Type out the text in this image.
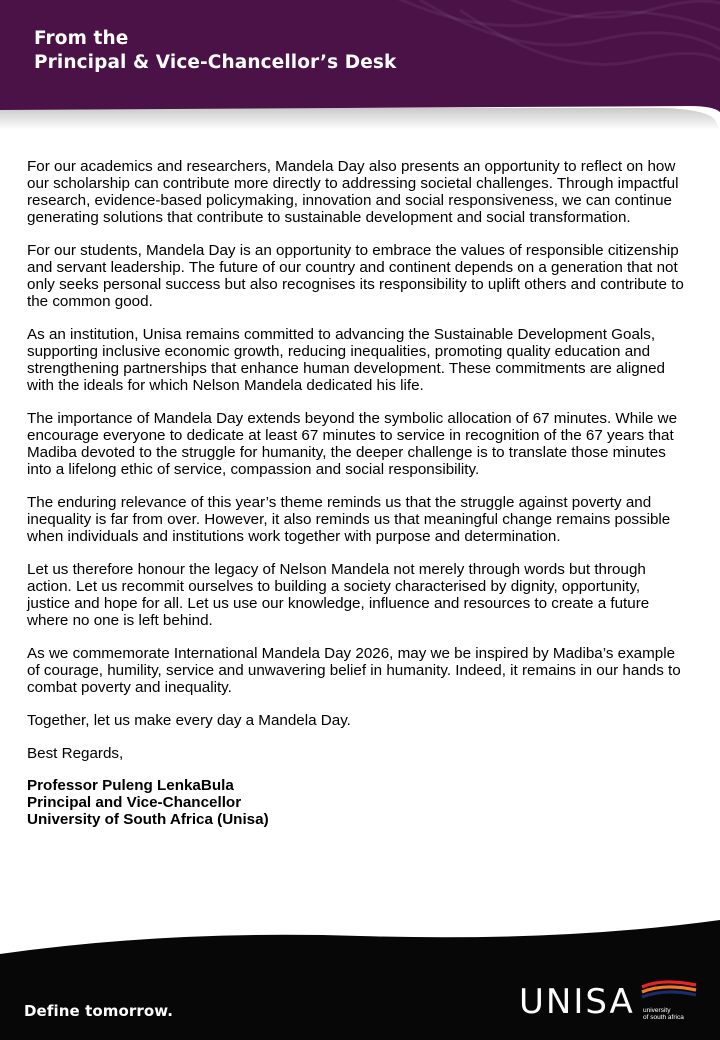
From the
Principal & Vice-Chancellor’s Desk

For our academics and researchers, Mandela Day also presents an opportunity to reflect on how our scholarship can contribute more directly to addressing societal challenges. Through impactful research, evidence-based policymaking, innovation and social responsiveness, we can continue generating solutions that contribute to sustainable development and social transformation.

For our students, Mandela Day is an opportunity to embrace the values of responsible citizenship and servant leadership. The future of our country and continent depends on a generation that not only seeks personal success but also recognises its responsibility to uplift others and contribute to the common good.

As an institution, Unisa remains committed to advancing the Sustainable Development Goals, supporting inclusive economic growth, reducing inequalities, promoting quality education and strengthening partnerships that enhance human development. These commitments are aligned with the ideals for which Nelson Mandela dedicated his life.

The importance of Mandela Day extends beyond the symbolic allocation of 67 minutes. While we encourage everyone to dedicate at least 67 minutes to service in recognition of the 67 years that Madiba devoted to the struggle for humanity, the deeper challenge is to translate those minutes into a lifelong ethic of service, compassion and social responsibility.

The enduring relevance of this year’s theme reminds us that the struggle against poverty and inequality is far from over. However, it also reminds us that meaningful change remains possible when individuals and institutions work together with purpose and determination.

Let us therefore honour the legacy of Nelson Mandela not merely through words but through action. Let us recommit ourselves to building a society characterised by dignity, opportunity, justice and hope for all. Let us use our knowledge, influence and resources to create a future where no one is left behind.

As we commemorate International Mandela Day 2026, may we be inspired by Madiba’s example of courage, humility, service and unwavering belief in humanity. Indeed, it remains in our hands to combat poverty and inequality.

Together, let us make every day a Mandela Day.

Best Regards,

Professor Puleng LenkaBula
Principal and Vice-Chancellor
University of South Africa (Unisa)
Define tomorrow.	UNISA university
of south africa
